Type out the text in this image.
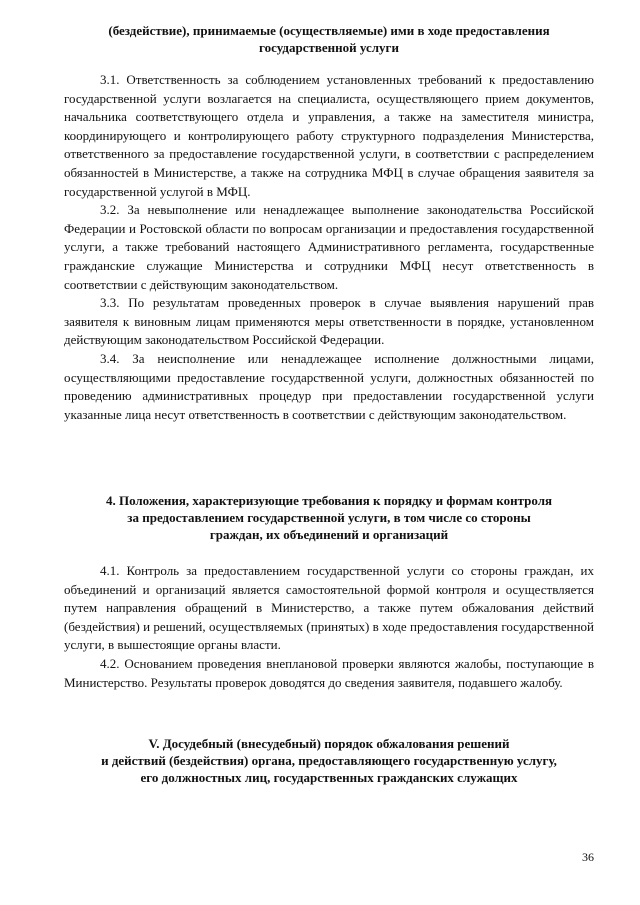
(бездействие), принимаемые (осуществляемые) ими в ходе предоставления
государственной услуги

3.1. Ответственность за соблюдением установленных требований к предоставлению государственной услуги возлагается на специалиста, осуществляющего прием документов, начальника соответствующего отдела и управления, а также на заместителя министра, координирующего и контролирующего работу структурного подразделения Министерства, ответственного за предоставление государственной услуги, в соответствии с распределением обязанностей в Министерстве, а также на сотрудника МФЦ в случае обращения заявителя за государственной услугой в МФЦ.

3.2. За невыполнение или ненадлежащее выполнение законодательства Российской Федерации и Ростовской области по вопросам организации и предоставления государственной услуги, а также требований настоящего Административного регламента, государственные гражданские служащие Министерства и сотрудники МФЦ несут ответственность в соответствии с действующим законодательством.

3.3. По результатам проведенных проверок в случае выявления нарушений прав заявителя к виновным лицам применяются меры ответственности в порядке, установленном действующим законодательством Российской Федерации.

3.4. За неисполнение или ненадлежащее исполнение должностными лицами, осуществляющими предоставление государственной услуги, должностных обязанностей по проведению административных процедур при предоставлении государственной услуги указанные лица несут ответственность в соответствии с действующим законодательством.

4. Положения, характеризующие требования к порядку и формам контроля
за предоставлением государственной услуги, в том числе со стороны
граждан, их объединений и организаций

4.1. Контроль за предоставлением государственной услуги со стороны граждан, их объединений и организаций является самостоятельной формой контроля и осуществляется путем направления обращений в Министерство, а также путем обжалования действий (бездействия) и решений, осуществляемых (принятых) в ходе предоставления государственной услуги, в вышестоящие органы власти.

4.2. Основанием проведения внеплановой проверки являются жалобы, поступающие в Министерство. Результаты проверок доводятся до сведения заявителя, подавшего жалобу.

V. Досудебный (внесудебный) порядок обжалования решений
и действий (бездействия) органа, предоставляющего государственную услугу,
его должностных лиц, государственных гражданских служащих
36
